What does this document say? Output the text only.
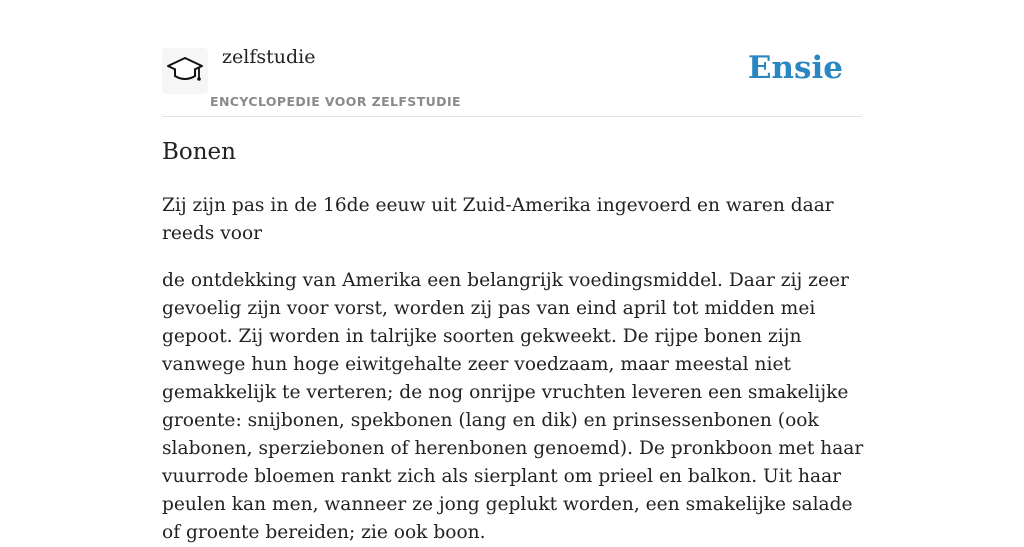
zelfstudie
ENCYCLOPEDIE VOOR ZELFSTUDIE
Ensie
Bonen

Zij zijn pas in de 16de eeuw uit Zuid-Amerika ingevoerd en waren daar reeds voor

de ontdekking van Amerika een belangrijk voedingsmiddel. Daar zij zeer gevoelig zijn voor vorst, worden zij pas van eind april tot midden mei gepoot. Zij worden in talrijke soorten gekweekt. De rijpe bonen zijn vanwege hun hoge eiwitgehalte zeer voedzaam, maar meestal niet gemakkelijk te verteren; de nog onrijpe vruchten leveren een smakelijke groente: snijbonen, spekbonen (lang en dik) en prinsessenbonen (ook slabonen, sperziebonen of herenbonen genoemd). De pronkboon met haar vuurrode bloemen rankt zich als sierplant om prieel en balkon. Uit haar peulen kan men, wanneer ze jong geplukt worden, een smakelijke salade of groente bereiden; zie ook boon.
